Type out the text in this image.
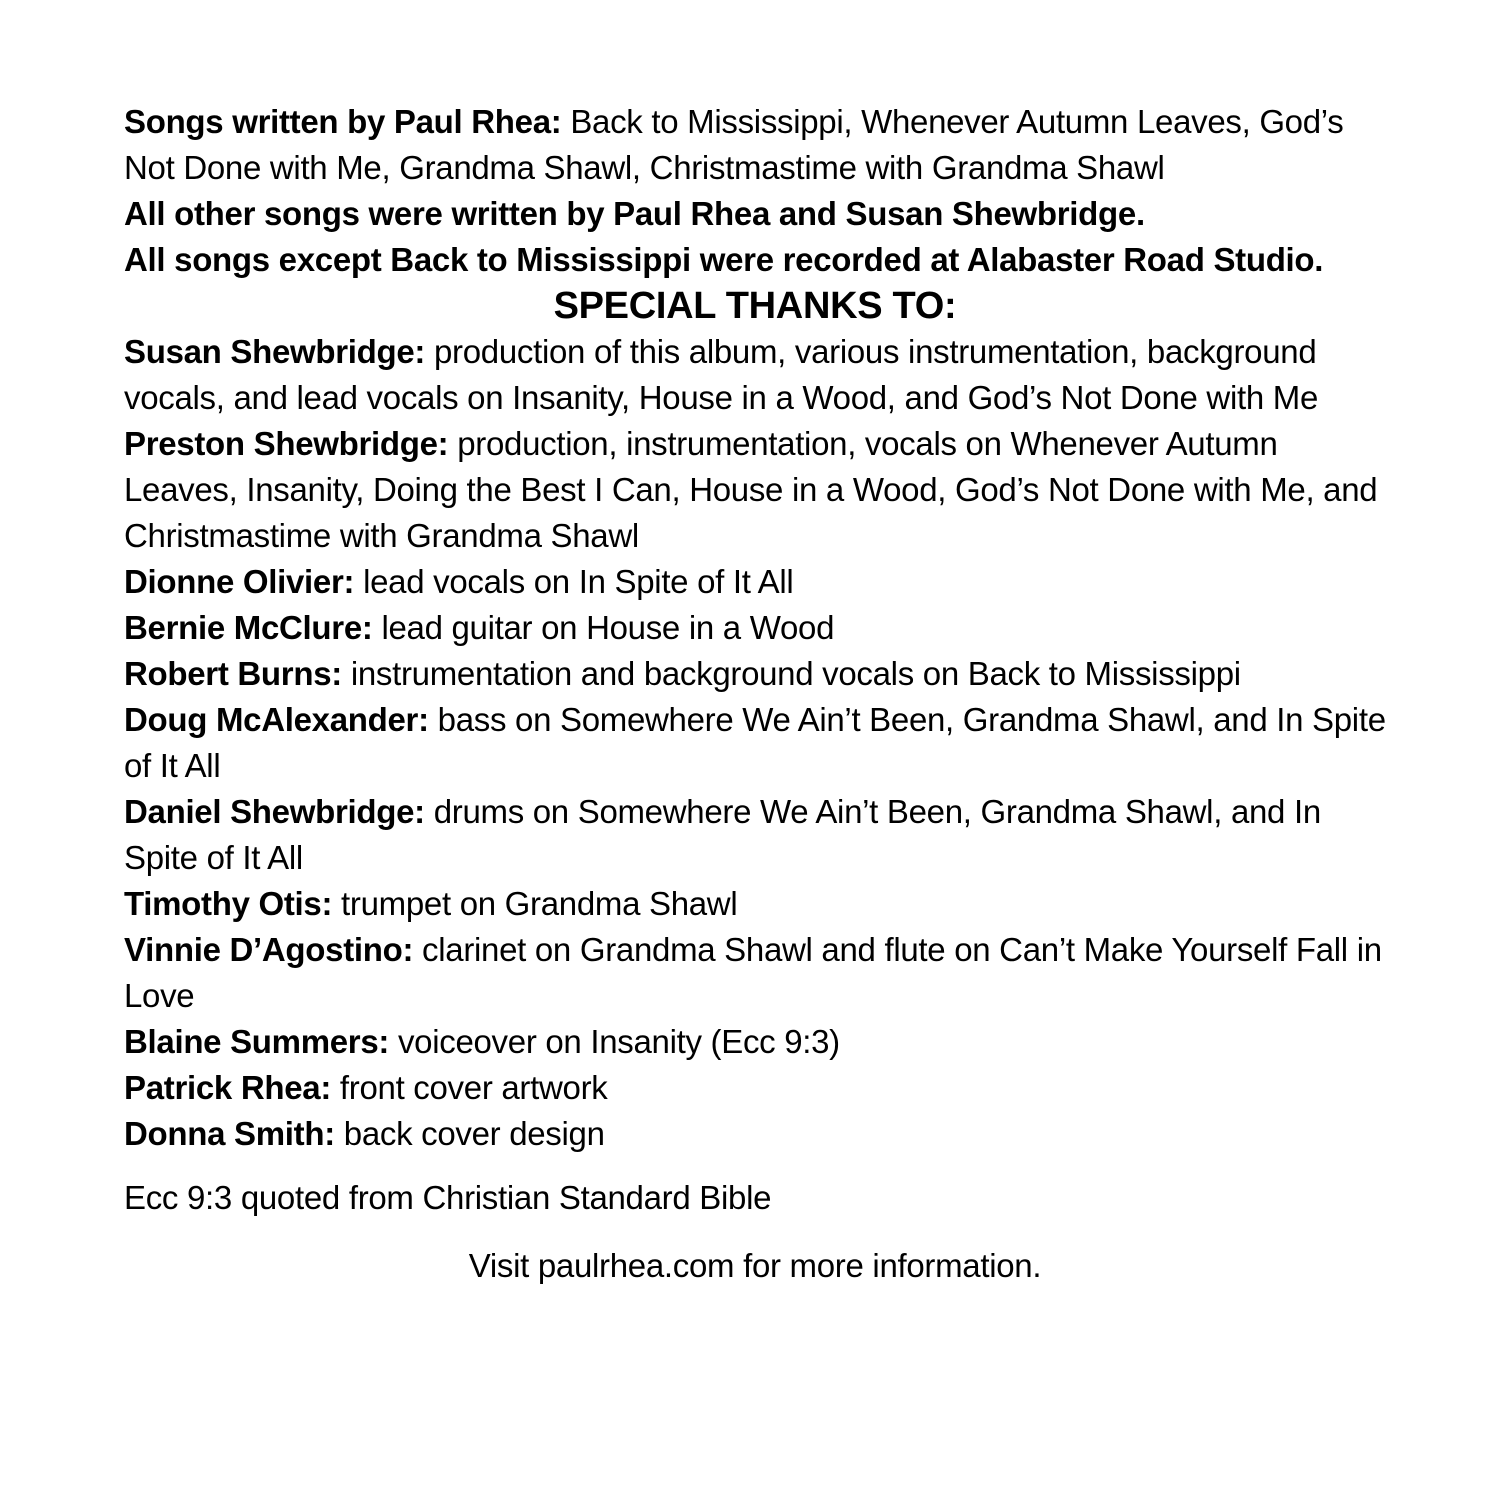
Songs written by Paul Rhea: Back to Mississippi, Whenever Autumn Leaves, God’s Not Done with Me, Grandma Shawl, Christmastime with Grandma Shawl

All other songs were written by Paul Rhea and Susan Shewbridge.

All songs except Back to Mississippi were recorded at Alabaster Road Studio.

SPECIAL THANKS TO:

Susan Shewbridge: production of this album, various instrumentation, background vocals, and lead vocals on Insanity, House in a Wood, and God’s Not Done with Me

Preston Shewbridge: production, instrumentation, vocals on Whenever Autumn Leaves, Insanity, Doing the Best I Can, House in a Wood, God’s Not Done with Me, and Christmastime with Grandma Shawl

Dionne Olivier: lead vocals on In Spite of It All

Bernie McClure: lead guitar on House in a Wood

Robert Burns: instrumentation and background vocals on Back to Mississippi

Doug McAlexander: bass on Somewhere We Ain’t Been, Grandma Shawl, and In Spite of It All

Daniel Shewbridge: drums on Somewhere We Ain’t Been, Grandma Shawl, and In Spite of It All

Timothy Otis: trumpet on Grandma Shawl

Vinnie D’Agostino: clarinet on Grandma Shawl and flute on Can’t Make Yourself Fall in Love

Blaine Summers: voiceover on Insanity (Ecc 9:3)

Patrick Rhea: front cover artwork

Donna Smith: back cover design

Ecc 9:3 quoted from Christian Standard Bible

Visit paulrhea.com for more information.
